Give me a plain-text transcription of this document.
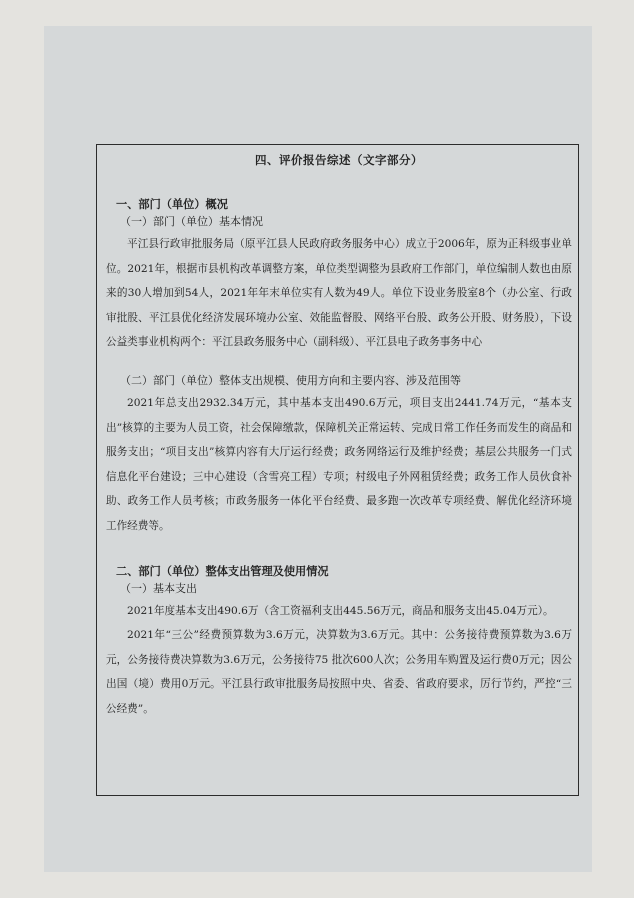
四、评价报告综述（文字部分）
一、部门（单位）概况
（一）部门（单位）基本情况

平江县行政审批服务局（原平江县人民政府政务服务中心）成立于2006年，原为正科级事业单位。2021年，根据市县机构改革调整方案，单位类型调整为县政府工作部门，单位编制人数也由原来的30人增加到54人，2021年年末单位实有人数为49人。单位下设业务股室8个（办公室、行政审批股、平江县优化经济发展环境办公室、效能监督股、网络平台股、政务公开股、财务股），下设公益类事业机构两个：平江县政务服务中心（副科级）、平江县电子政务事务中心

（二）部门（单位）整体支出规模、使用方向和主要内容、涉及范围等

2021年总支出2932.34万元，其中基本支出490.6万元，项目支出2441.74万元，“基本支出”核算的主要为人员工资，社会保障缴款，保障机关正常运转、完成日常工作任务而发生的商品和服务支出；“项目支出”核算内容有大厅运行经费；政务网络运行及维护经费；基层公共服务一门式信息化平台建设；三中心建设（含雪亮工程）专项；村级电子外网租赁经费；政务工作人员伙食补助、政务工作人员考核；市政务服务一体化平台经费、最多跑一次改革专项经费、解优化经济环境工作经费等。

二、部门（单位）整体支出管理及使用情况
（一）基本支出

2021年度基本支出490.6万（含工资福利支出445.56万元，商品和服务支出45.04万元）。

2021年“三公”经费预算数为3.6万元，决算数为3.6万元。其中：公务接待费预算数为3.6万元，公务接待费决算数为3.6万元，公务接待75 批次600人次；公务用车购置及运行费0万元；因公出国（境）费用0万元。平江县行政审批服务局按照中央、省委、省政府要求，厉行节约，严控“三公经费”。
